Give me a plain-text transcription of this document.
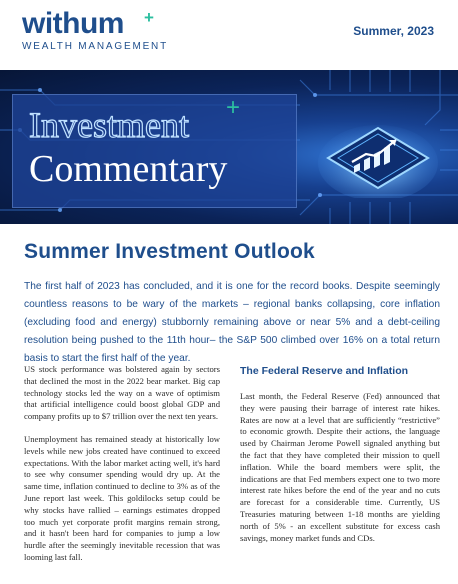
withum	+
WEALTH MANAGEMENT
Summer, 2023
Investment
Commentary
+
Summer Investment Outlook
The first half of 2023 has concluded, and it is one for the record books. Despite seemingly countless reasons to be wary of the markets – regional banks collapsing, core inflation (excluding food and energy) stubbornly remaining above or near 5% and a debt-ceiling resolution being pushed to the 11th hour– the S&P 500 climbed over 16% on a total return basis to start the first half of the year.

US stock performance was bolstered again by sectors that declined the most in the 2022 bear market. Big cap technology stocks led the way on a wave of optimism that artificial intelligence could boost global GDP and company profits up to $7 trillion over the next ten years.

Unemployment has remained steady at historically low levels while new jobs created have continued to exceed expectations. With the labor market acting well, it's hard to see why consumer spending would dry up. At the same time, inflation continued to decline to 3% as of the June report last week. This goldilocks setup could be why stocks have rallied – earnings estimates dropped too much yet corporate profit margins remain strong, and it hasn't been hard for companies to jump a low hurdle after the seemingly inevitable recession that was looming last fall.

The Federal Reserve and Inflation

Last month, the Federal Reserve (Fed) announced that they were pausing their barrage of interest rate hikes. Rates are now at a level that are sufficiently “restrictive” to economic growth. Despite their actions, the language used by Chairman Jerome Powell signaled anything but the fact that they have completed their mission to quell inflation. While the board members were split, the indications are that Fed members expect one to two more interest rate hikes before the end of the year and no cuts are forecast for a considerable time. Currently, US Treasuries maturing between 1-18 months are yielding north of 5% - an excellent substitute for excess cash savings, money market funds and CDs.
